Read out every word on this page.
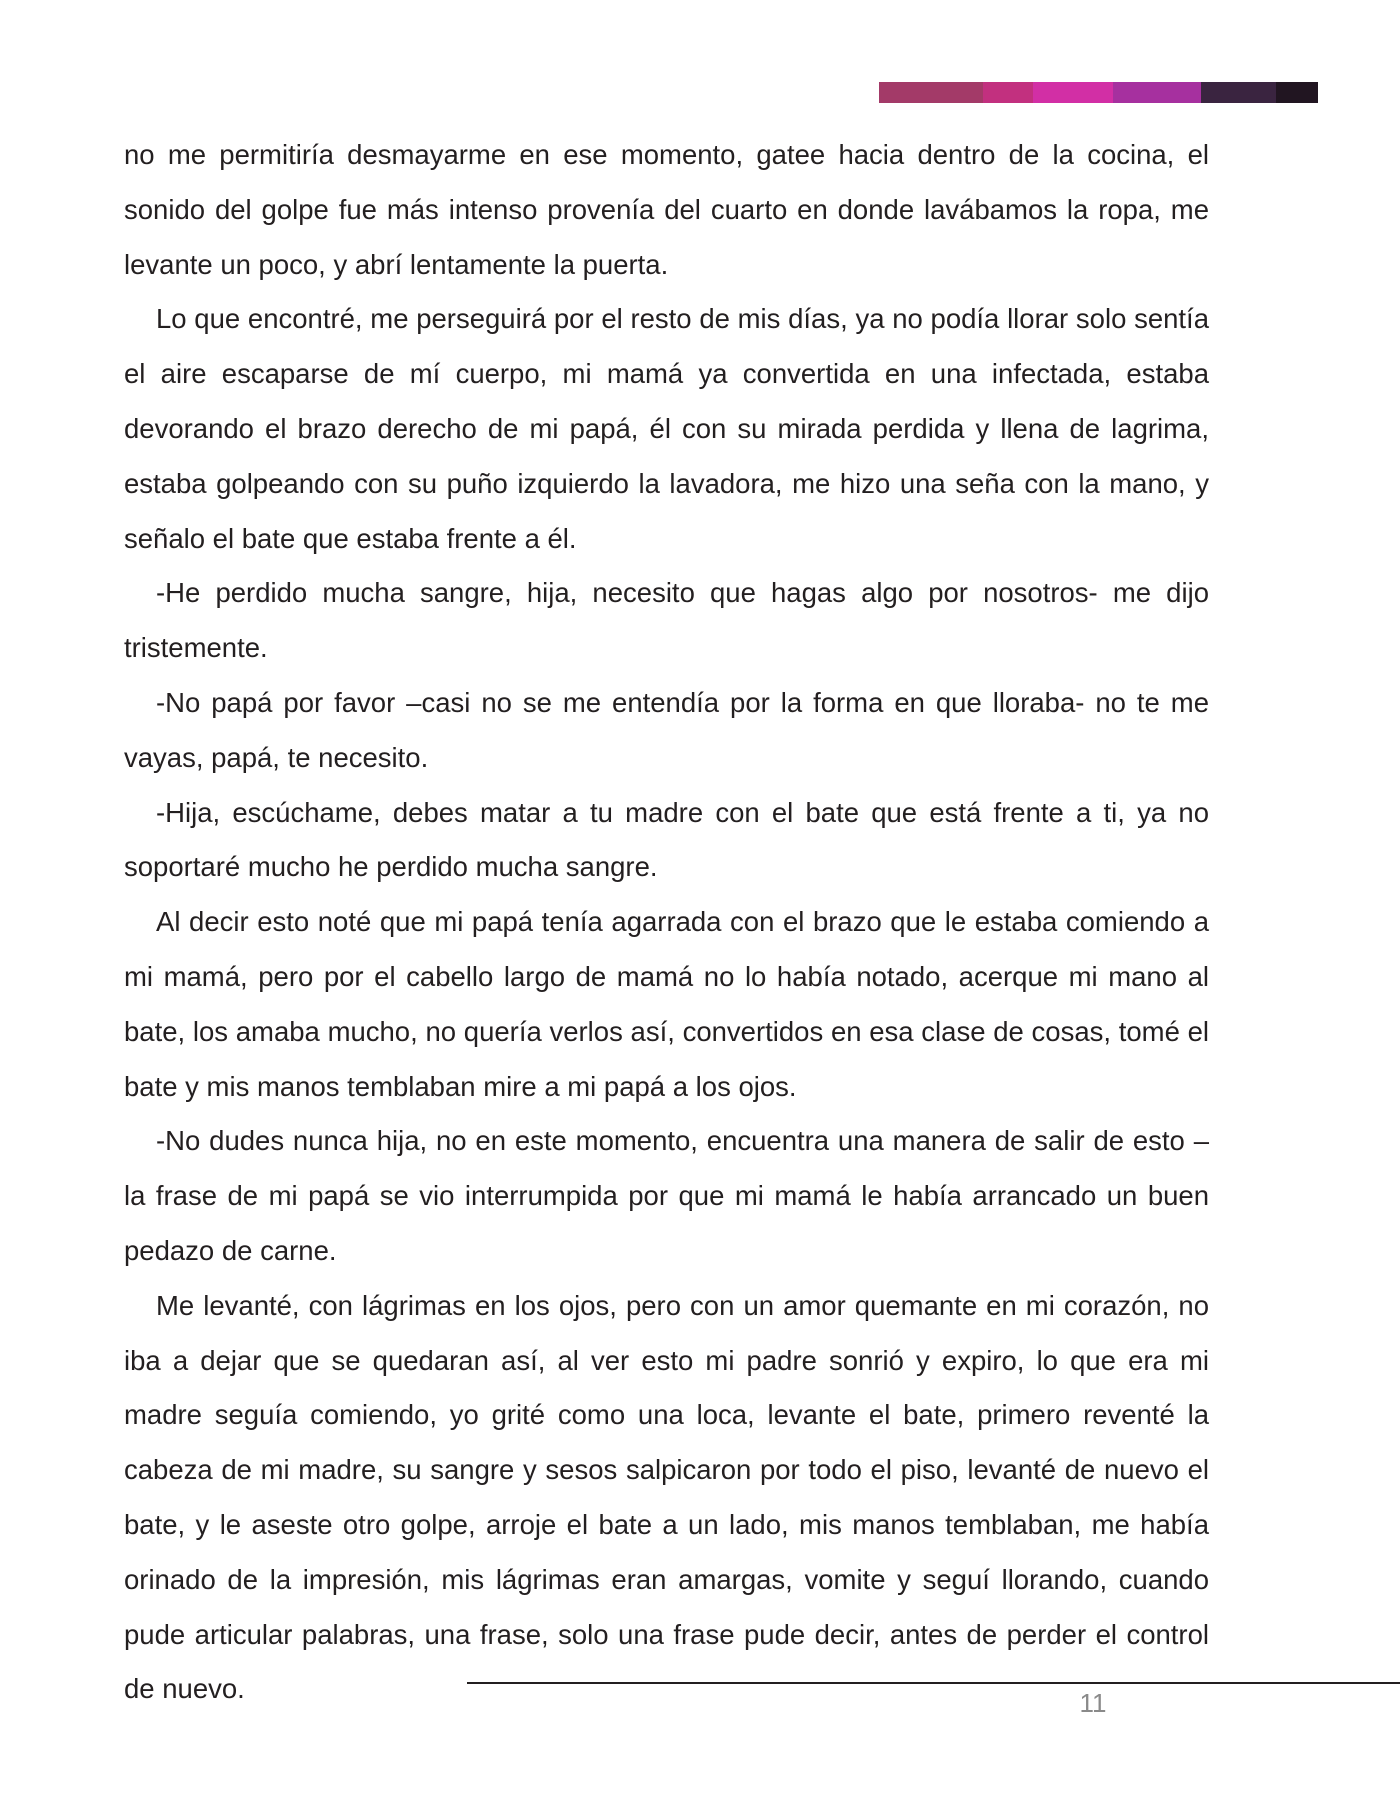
no me permitiría desmayarme en ese momento, gatee hacia dentro de la cocina, el sonido del golpe fue más intenso provenía del cuarto en donde lavábamos la ropa, me levante un poco, y abrí lentamente la puerta.

Lo que encontré, me perseguirá por el resto de mis días, ya no podía llorar solo sentía el aire escaparse de mí cuerpo, mi mamá ya convertida en una infectada, estaba devorando el brazo derecho de mi papá, él con su mirada perdida y llena de lagrima, estaba golpeando con su puño izquierdo la lavadora, me hizo una seña con la mano, y señalo el bate que estaba frente a él.

-He perdido mucha sangre, hija, necesito que hagas algo por nosotros- me dijo tristemente.

-No papá por favor –casi no se me entendía por la forma en que lloraba- no te me vayas, papá, te necesito.

-Hija, escúchame, debes matar a tu madre con el bate que está frente a ti, ya no soportaré mucho he perdido mucha sangre.

Al decir esto noté que mi papá tenía agarrada con el brazo que le estaba comiendo a mi mamá, pero por el cabello largo de mamá no lo había notado, acerque mi mano al bate, los amaba mucho, no quería verlos así, convertidos en esa clase de cosas, tomé el bate y mis manos temblaban mire a mi papá a los ojos.

-No dudes nunca hija, no en este momento, encuentra una manera de salir de esto –la frase de mi papá se vio interrumpida por que mi mamá le había arrancado un buen pedazo de carne.

Me levanté, con lágrimas en los ojos, pero con un amor quemante en mi corazón, no iba a dejar que se quedaran así, al ver esto mi padre sonrió y expiro, lo que era mi madre seguía comiendo, yo grité como una loca, levante el bate, primero reventé la cabeza de mi madre, su sangre y sesos salpicaron por todo el piso, levanté de nuevo el bate, y le aseste otro golpe, arroje el bate a un lado, mis manos temblaban, me había orinado de la impresión, mis lágrimas eran amargas, vomite y seguí llorando, cuando pude articular palabras, una frase, solo una frase pude decir, antes de perder el control de nuevo.	11
